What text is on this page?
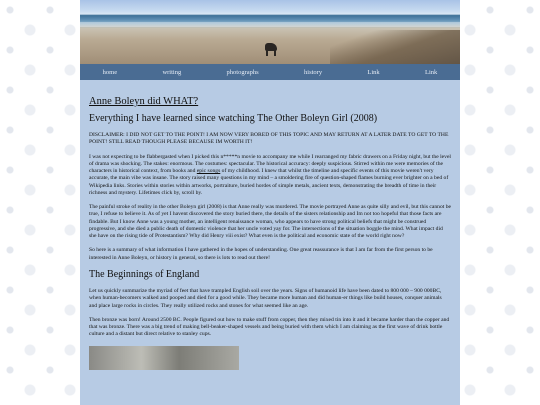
home	writing	photographs	history	Link	Link
Anne Boleyn did WHAT?
Everything I have learned since watching The Other Boleyn Girl (2008)

DISCLAIMER: I DID NOT GET TO THE POINT! I AM NOW VERY BORED OF THIS TOPIC AND MAY RETURN AT A LATER DATE TO GET TO THE POINT! STILL READ THOUGH PLEASE BECAUSE IM WORTH IT!

I was not expecting to be flabbergasted when I picked this n*****n movie to accompany me while I rearranged my fabric drawers on a Friday night, but the level of drama was shocking. The stakes: enormous. The costumes: spectacular. The historical accuracy: deeply suspicious. Stirred within me were memories of the characters in historical context, from books and epic songs of my childhood. I knew that whilst the timeline and specific events of this movie weren't very accurate, the main vibe was insane. The story raised many questions in my mind – a smoldering fire of question-shaped flames burning ever brighter on a bed of Wikipedia links. Stories within stories within artworks, portraiture, buried hordes of simple metals, ancient texts, demonstrating the breadth of time in their richness and mystery. Lifetimes click by, scroll by.

The painful stroke of reality in the other Boleyn girl (2008) is that Anne really was murdered. The movie portrayed Anne as quite silly and evil, but this cannot be true, I refuse to believe it. As of yet I havent discovered the story buried there, the details of the sisters relationship and Im not too hopeful that those facts are findable. But I know Anne was a young mother, an intelligent renaissance woman, who appears to have strong political beliefs that might be construed progressive, and she died a public death of domestic violence that her uncle voted yay for. The intersections of the situation boggle the mind. What impact did she have on the rising tide of Protestantism? Why did Henry viii exist? What even is the political and economic state of the world right now?

So here is a summary of what information I have gathered in the hopes of understanding. One great reassurance is that I am far from the first person to be interested in Anne Boleyn, or history in general, so there is lots to read out there!

The Beginnings of England

Let us quickly summarize the myriad of feet that have trampled English soil over the years. Signs of humanoid life have been dated to 800 000 – 900 000BC, when human-becomers walked and pooped and died for a good while. They became more human and did human-er things like build houses, conquer animals and place large rocks in circles. They really utilized rocks and stones for what seemed like an age.

Then bronze was born! Around 2500 BC. People figured out how to make stuff from copper, then they mixed tin into it and it became harder than the copper and that was bronze. There was a big trend of making bell-beaker-shaped vessels and being buried with them which I am claiming as the first wave of drink bottle culture and a distant but direct relative to stanley cups.
